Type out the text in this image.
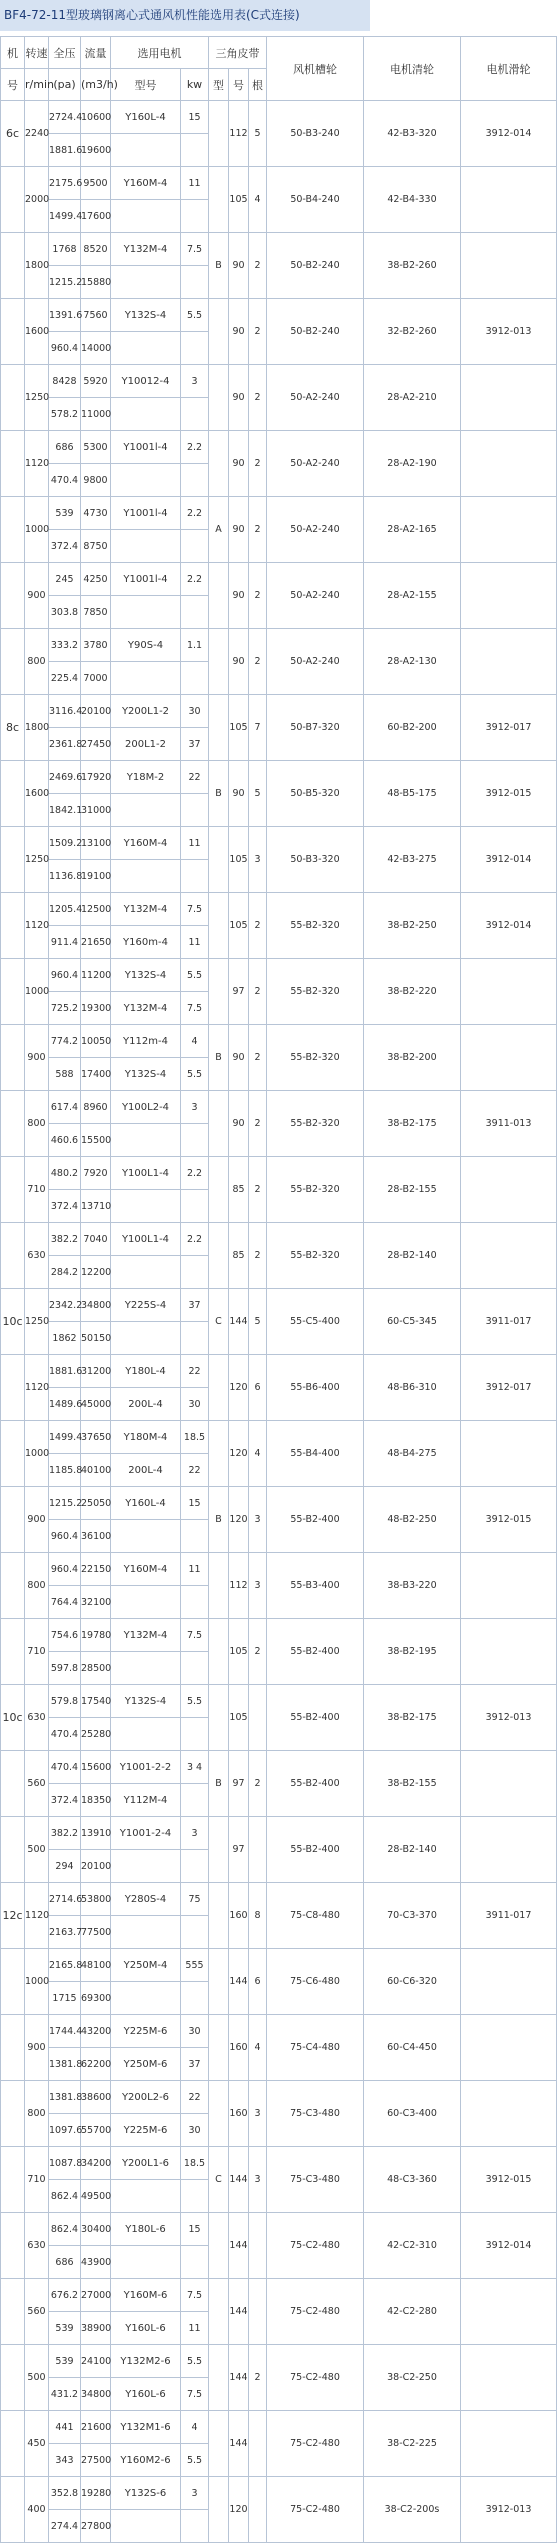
BF4-72-11型玻璃钢离心式通风机性能选用表(C式连接)
机	转速	全压	流量	选用电机		三角皮带			风机槽轮	电机清轮	电机滑轮
号	r/min	(pa)	(m3/h)	型号	kw	型	号	根			
6c	2240	2724.4	10600	Y160L-4	15		112	5	50-B3-240	42-B3-320	3912-014
		1881.6	19600								
	2000	2175.6	9500	Y160M-4	11		105	4	50-B4-240	42-B4-330	
		1499.4	17600								
	1800	1768	8520	Y132M-4	7.5	B	90	2	50-B2-240	38-B2-260	
		1215.2	15880								
	1600	1391.6	7560	Y132S-4	5.5		90	2	50-B2-240	32-B2-260	3912-013
		960.4	14000								
	1250	8428	5920	Y10012-4	3		90	2	50-A2-240	28-A2-210	
		578.2	11000								
	1120	686	5300	Y1001l-4	2.2		90	2	50-A2-240	28-A2-190	
		470.4	9800								
	1000	539	4730	Y1001l-4	2.2	A	90	2	50-A2-240	28-A2-165	
		372.4	8750								
	900	245	4250	Y1001l-4	2.2		90	2	50-A2-240	28-A2-155	
		303.8	7850								
	800	333.2	3780	Y90S-4	1.1		90	2	50-A2-240	28-A2-130	
		225.4	7000								
8c	1800	3116.4	20100	Y200L1-2	30		105	7	50-B7-320	60-B2-200	3912-017
		2361.8	27450	200L1-2	37						
	1600	2469.6	17920	Y18M-2	22	B	90	5	50-B5-320	48-B5-175	3912-015
		1842.1	31000								
	1250	1509.2	13100	Y160M-4	11		105	3	50-B3-320	42-B3-275	3912-014
		1136.8	19100								
	1120	1205.4	12500	Y132M-4	7.5		105	2	55-B2-320	38-B2-250	3912-014
		911.4	21650	Y160m-4	11						
	1000	960.4	11200	Y132S-4	5.5		97	2	55-B2-320	38-B2-220	
		725.2	19300	Y132M-4	7.5						
	900	774.2	10050	Y112m-4	4	B	90	2	55-B2-320	38-B2-200	
		588	17400	Y132S-4	5.5						
	800	617.4	8960	Y100L2-4	3		90	2	55-B2-320	38-B2-175	3911-013
		460.6	15500								
	710	480.2	7920	Y100L1-4	2.2		85	2	55-B2-320	28-B2-155	
		372.4	13710								
	630	382.2	7040	Y100L1-4	2.2		85	2	55-B2-320	28-B2-140	
		284.2	12200								
10c	1250	2342.2	34800	Y225S-4	37	C	144	5	55-C5-400	60-C5-345	3911-017
		1862	50150								
	1120	1881.6	31200	Y180L-4	22		120	6	55-B6-400	48-B6-310	3912-017
		1489.6	45000	200L-4	30						
	1000	1499.4	37650	Y180M-4	18.5		120	4	55-B4-400	48-B4-275	
		1185.8	40100	200L-4	22						
	900	1215.2	25050	Y160L-4	15	B	120	3	55-B2-400	48-B2-250	3912-015
		960.4	36100								
	800	960.4	22150	Y160M-4	11		112	3	55-B3-400	38-B3-220	
		764.4	32100								
	710	754.6	19780	Y132M-4	7.5		105	2	55-B2-400	38-B2-195	
		597.8	28500								
10c	630	579.8	17540	Y132S-4	5.5		105		55-B2-400	38-B2-175	3912-013
		470.4	25280								
	560	470.4	15600	Y1001-2-2	3 4	B	97	2	55-B2-400	38-B2-155	
		372.4	18350	Y112M-4							
	500	382.2	13910	Y1001-2-4	3		97		55-B2-400	28-B2-140	
		294	20100								
12c	1120	2714.6	53800	Y280S-4	75		160	8	75-C8-480	70-C3-370	3911-017
		2163.7	77500								
	1000	2165.8	48100	Y250M-4	555		144	6	75-C6-480	60-C6-320	
		1715	69300								
	900	1744.4	43200	Y225M-6	30		160	4	75-C4-480	60-C4-450	
		1381.8	62200	Y250M-6	37						
	800	1381.8	38600	Y200L2-6	22		160	3	75-C3-480	60-C3-400	
		1097.6	55700	Y225M-6	30						
	710	1087.8	34200	Y200L1-6	18.5	C	144	3	75-C3-480	48-C3-360	3912-015
		862.4	49500								
	630	862.4	30400	Y180L-6	15		144		75-C2-480	42-C2-310	3912-014
		686	43900								
	560	676.2	27000	Y160M-6	7.5		144		75-C2-480	42-C2-280	
		539	38900	Y160L-6	11						
	500	539	24100	Y132M2-6	5.5		144	2	75-C2-480	38-C2-250	
		431.2	34800	Y160L-6	7.5						
	450	441	21600	Y132M1-6	4		144		75-C2-480	38-C2-225	
		343	27500	Y160M2-6	5.5						
	400	352.8	19280	Y132S-6	3		120		75-C2-480	38-C2-200s	3912-013
		274.4	27800								
